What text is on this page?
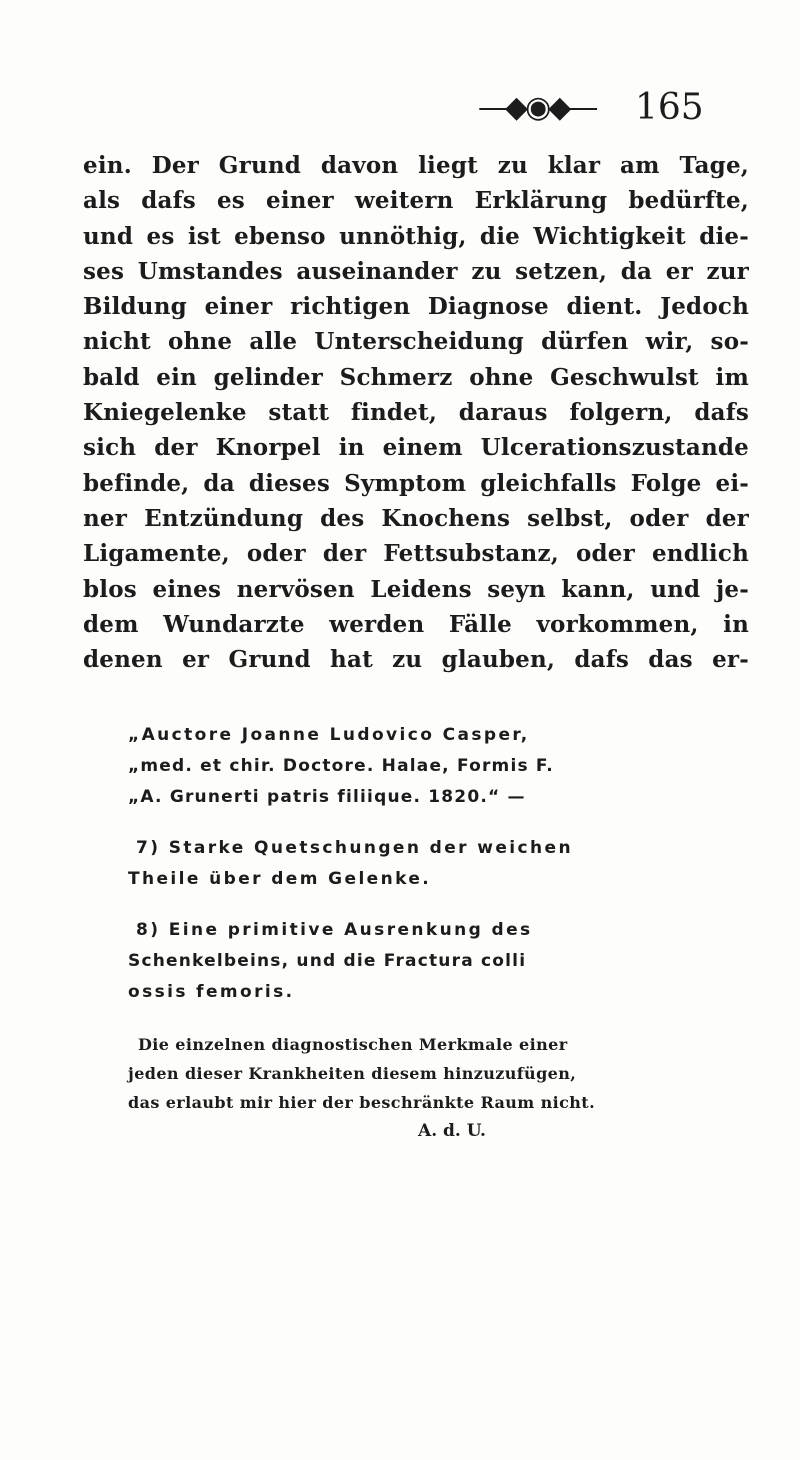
—◆◉◆— 165
ein. Der Grund davon liegt zu klar am Tage,
als dafs es einer weitern Erklärung bedürfte,
und es ist ebenso unnöthig, die Wichtigkeit die-
ses Umstandes auseinander zu setzen, da er zur
Bildung einer richtigen Diagnose dient. Jedoch
nicht ohne alle Unterscheidung dürfen wir, so-
bald ein gelinder Schmerz ohne Geschwulst im
Kniegelenke statt findet, daraus folgern, dafs
sich der Knorpel in einem Ulcerationszustande
befinde, da dieses Symptom gleichfalls Folge ei-
ner Entzündung des Knochens selbst, oder der
Ligamente, oder der Fettsubstanz, oder endlich
blos eines nervösen Leidens seyn kann, und je-
dem Wundarzte werden Fälle vorkommen, in
denen er Grund hat zu glauben, dafs das er-
„Auctore Joanne Ludovico Casper,
„med. et chir. Doctore. Halae, Formis F.
„A. Grunerti patris filiique. 1820.“ —
7) Starke Quetschungen der weichen
Theile über dem Gelenke.
8) Eine primitive Ausrenkung des
Schenkelbeins, und die Fractura colli
ossis femoris.
Die einzelnen diagnostischen Merkmale einer
jeden dieser Krankheiten diesem hinzuzufügen,
das erlaubt mir hier der beschränkte Raum nicht.
A. d. U.
